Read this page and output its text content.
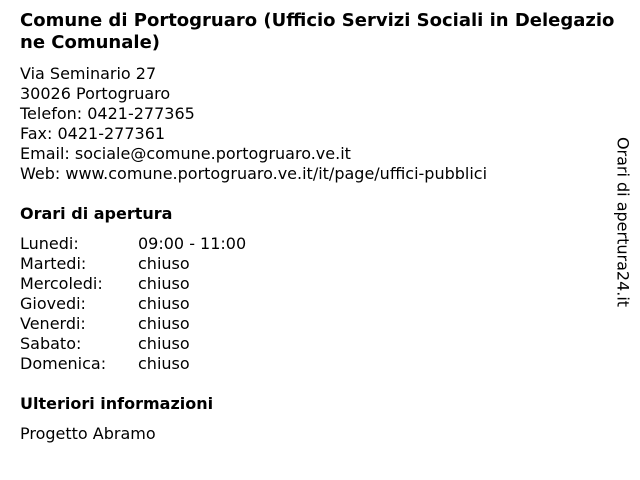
Comune di Portogruaro (Ufficio Servizi Sociali in Delegazione Comunale)
Via Seminario 27
30026 Portogruaro
Telefon: 0421-277365
Fax: 0421-277361
Email: sociale@comune.portogruaro.ve.it
Web: www.comune.portogruaro.ve.it/it/page/uffici-pubblici
Orari di apertura
Lunedi:	09:00 - 11:00
Martedi:	chiuso
Mercoledi:	chiuso
Giovedi:	chiuso
Venerdi:	chiuso
Sabato:	chiuso
Domenica:	chiuso
Ulteriori informazioni
Progetto Abramo
Orari di apertura24.it
